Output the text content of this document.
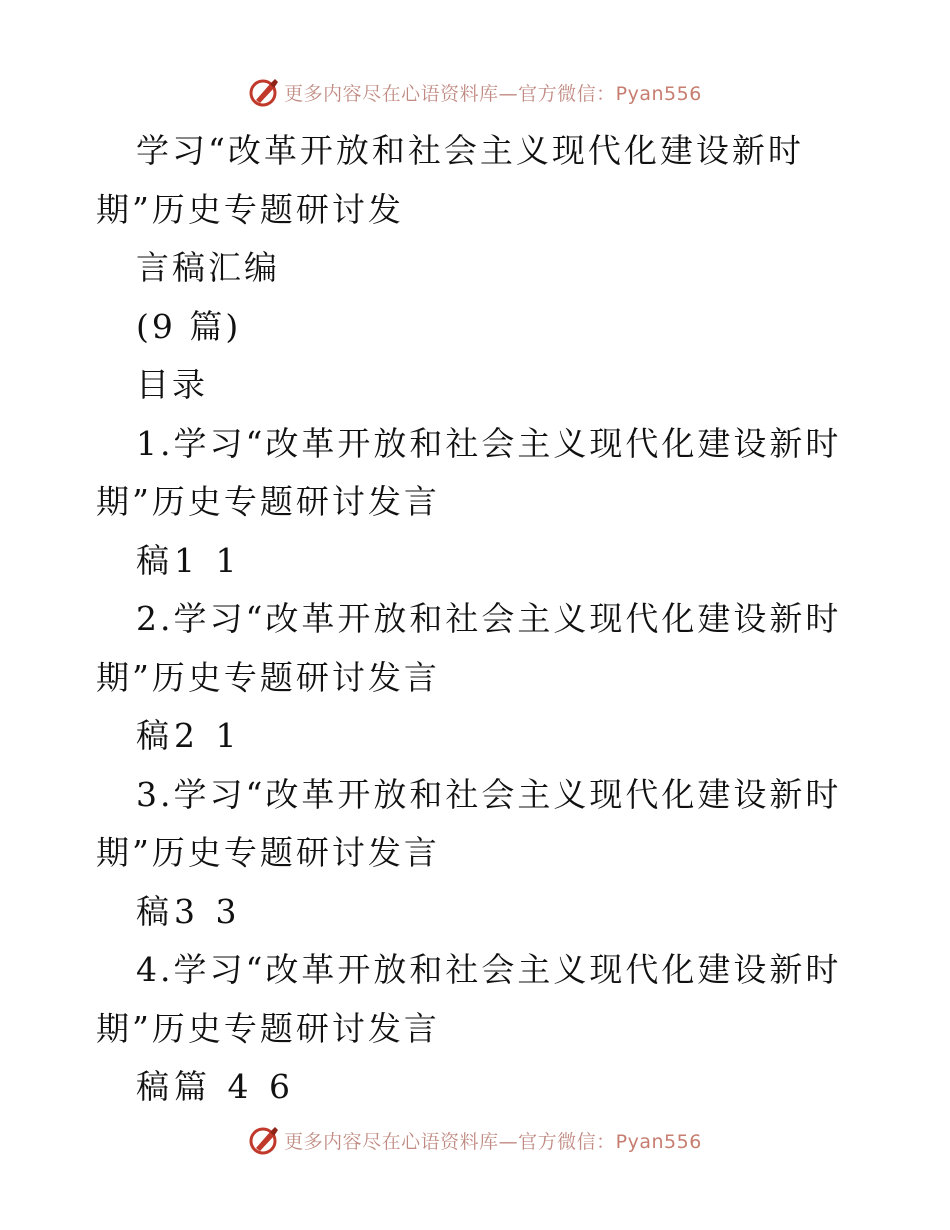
更多内容尽在心语资料库—官方微信：Pyan556
学习“改革开放和社会主义现代化建设新时
期”历史专题研讨发
言稿汇编
(9 篇)
目录
1.学习“改革开放和社会主义现代化建设新时
期”历史专题研讨发言
稿1 1
2.学习“改革开放和社会主义现代化建设新时
期”历史专题研讨发言
稿2 1
3.学习“改革开放和社会主义现代化建设新时
期”历史专题研讨发言
稿3 3
4.学习“改革开放和社会主义现代化建设新时
期”历史专题研讨发言
稿篇 4 6
更多内容尽在心语资料库—官方微信：Pyan556
